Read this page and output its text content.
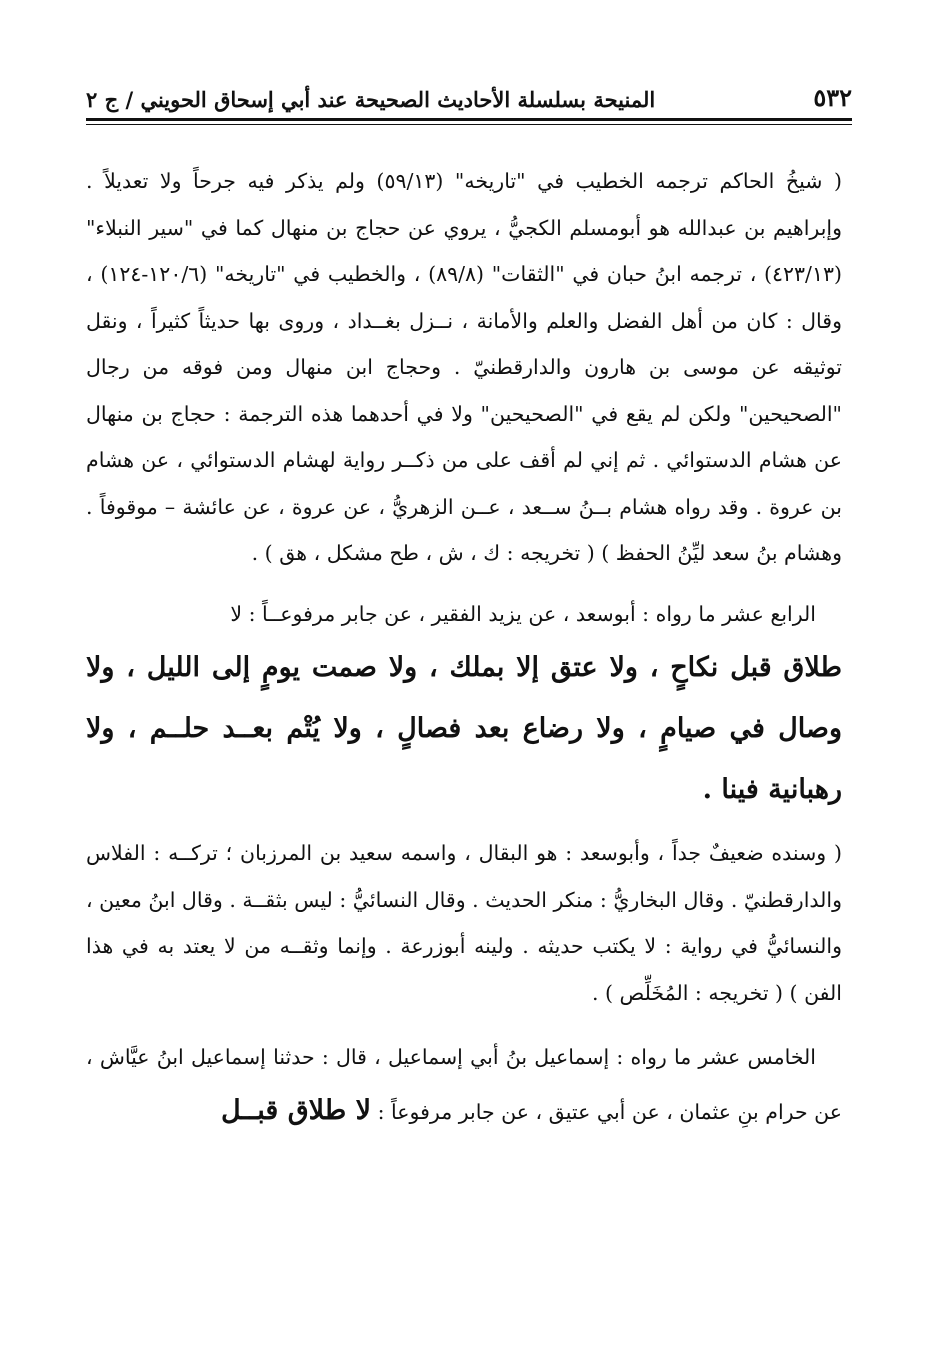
٥٣٢
المنيحة بسلسلة الأحاديث الصحيحة عند أبي إسحاق الحويني / ج ٢

( شيخُ الحاكم ترجمه الخطيب في "تاريخه" (٥٩/١٣) ولم يذكر فيه جرحاً ولا تعديلاً . وإبراهيم بن عبدالله هو أبومسلم الكجيُّ ، يروي عن حجاج بن منهال كما في "سير النبلاء" (٤٢٣/١٣) ، ترجمه ابنُ حبان في "الثقات" (٨٩/٨) ، والخطيب في "تاريخه" (١٢٠/٦-١٢٤) ، وقال : كان من أهل الفضل والعلم والأمانة ، نــزل بغــداد ، وروى بها حديثاً كثيراً ، ونقل توثيقه عن موسى بن هارون والدارقطنيّ . وحجاج ابن منهال ومن فوقه من رجال "الصحيحين" ولكن لم يقع في "الصحيحين" ولا في أحدهما هذه الترجمة : حجاج بن منهال عن هشام الدستوائي . ثم إني لم أقف على من ذكــر رواية لهشام الدستوائي ، عن هشام بن عروة . وقد رواه هشام بــنُ ســعد ، عــن الزهريُّ ، عن عروة ، عن عائشة – موقوفاً . وهشام بنُ سعد ليِّنُ الحفظ ) ( تخريجه : ك ، ش ، طح مشكل ، هق ) .

الرابع عشر ما رواه : أبوسعد ، عن يزيد الفقير ، عن جابر مرفوعــاً : لا

طلاق قبل نكاحٍ ، ولا عتق إلا بملك ، ولا صمت يومٍ إلى الليل ، ولا وصال في صيامٍ ، ولا رضاع بعد فصالٍ ، ولا يُتْم بعــد حلــم ، ولا رهبانية فينا .

( وسنده ضعيفٌ جداً ، وأبوسعد : هو البقال ، واسمه سعيد بن المرزبان ؛ تركــه : الفلاس والدارقطنيّ . وقال البخاريُّ : منكر الحديث . وقال النسائيُّ : ليس بثقــة . وقال ابنُ معين ، والنسائيُّ في رواية : لا يكتب حديثه . ولينه أبوزرعة . وإنما وثقــه من لا يعتد به في هذا الفن ) ( تخريجه : المُخَلِّص ) .

الخامس عشر ما رواه : إسماعيل بنُ أبي إسماعيل ، قال : حدثنا إسماعيل ابنُ عيَّاش ، عن حرام بنِ عثمان ، عن أبي عتيق ، عن جابر مرفوعاً : لا طلاق قبــل
